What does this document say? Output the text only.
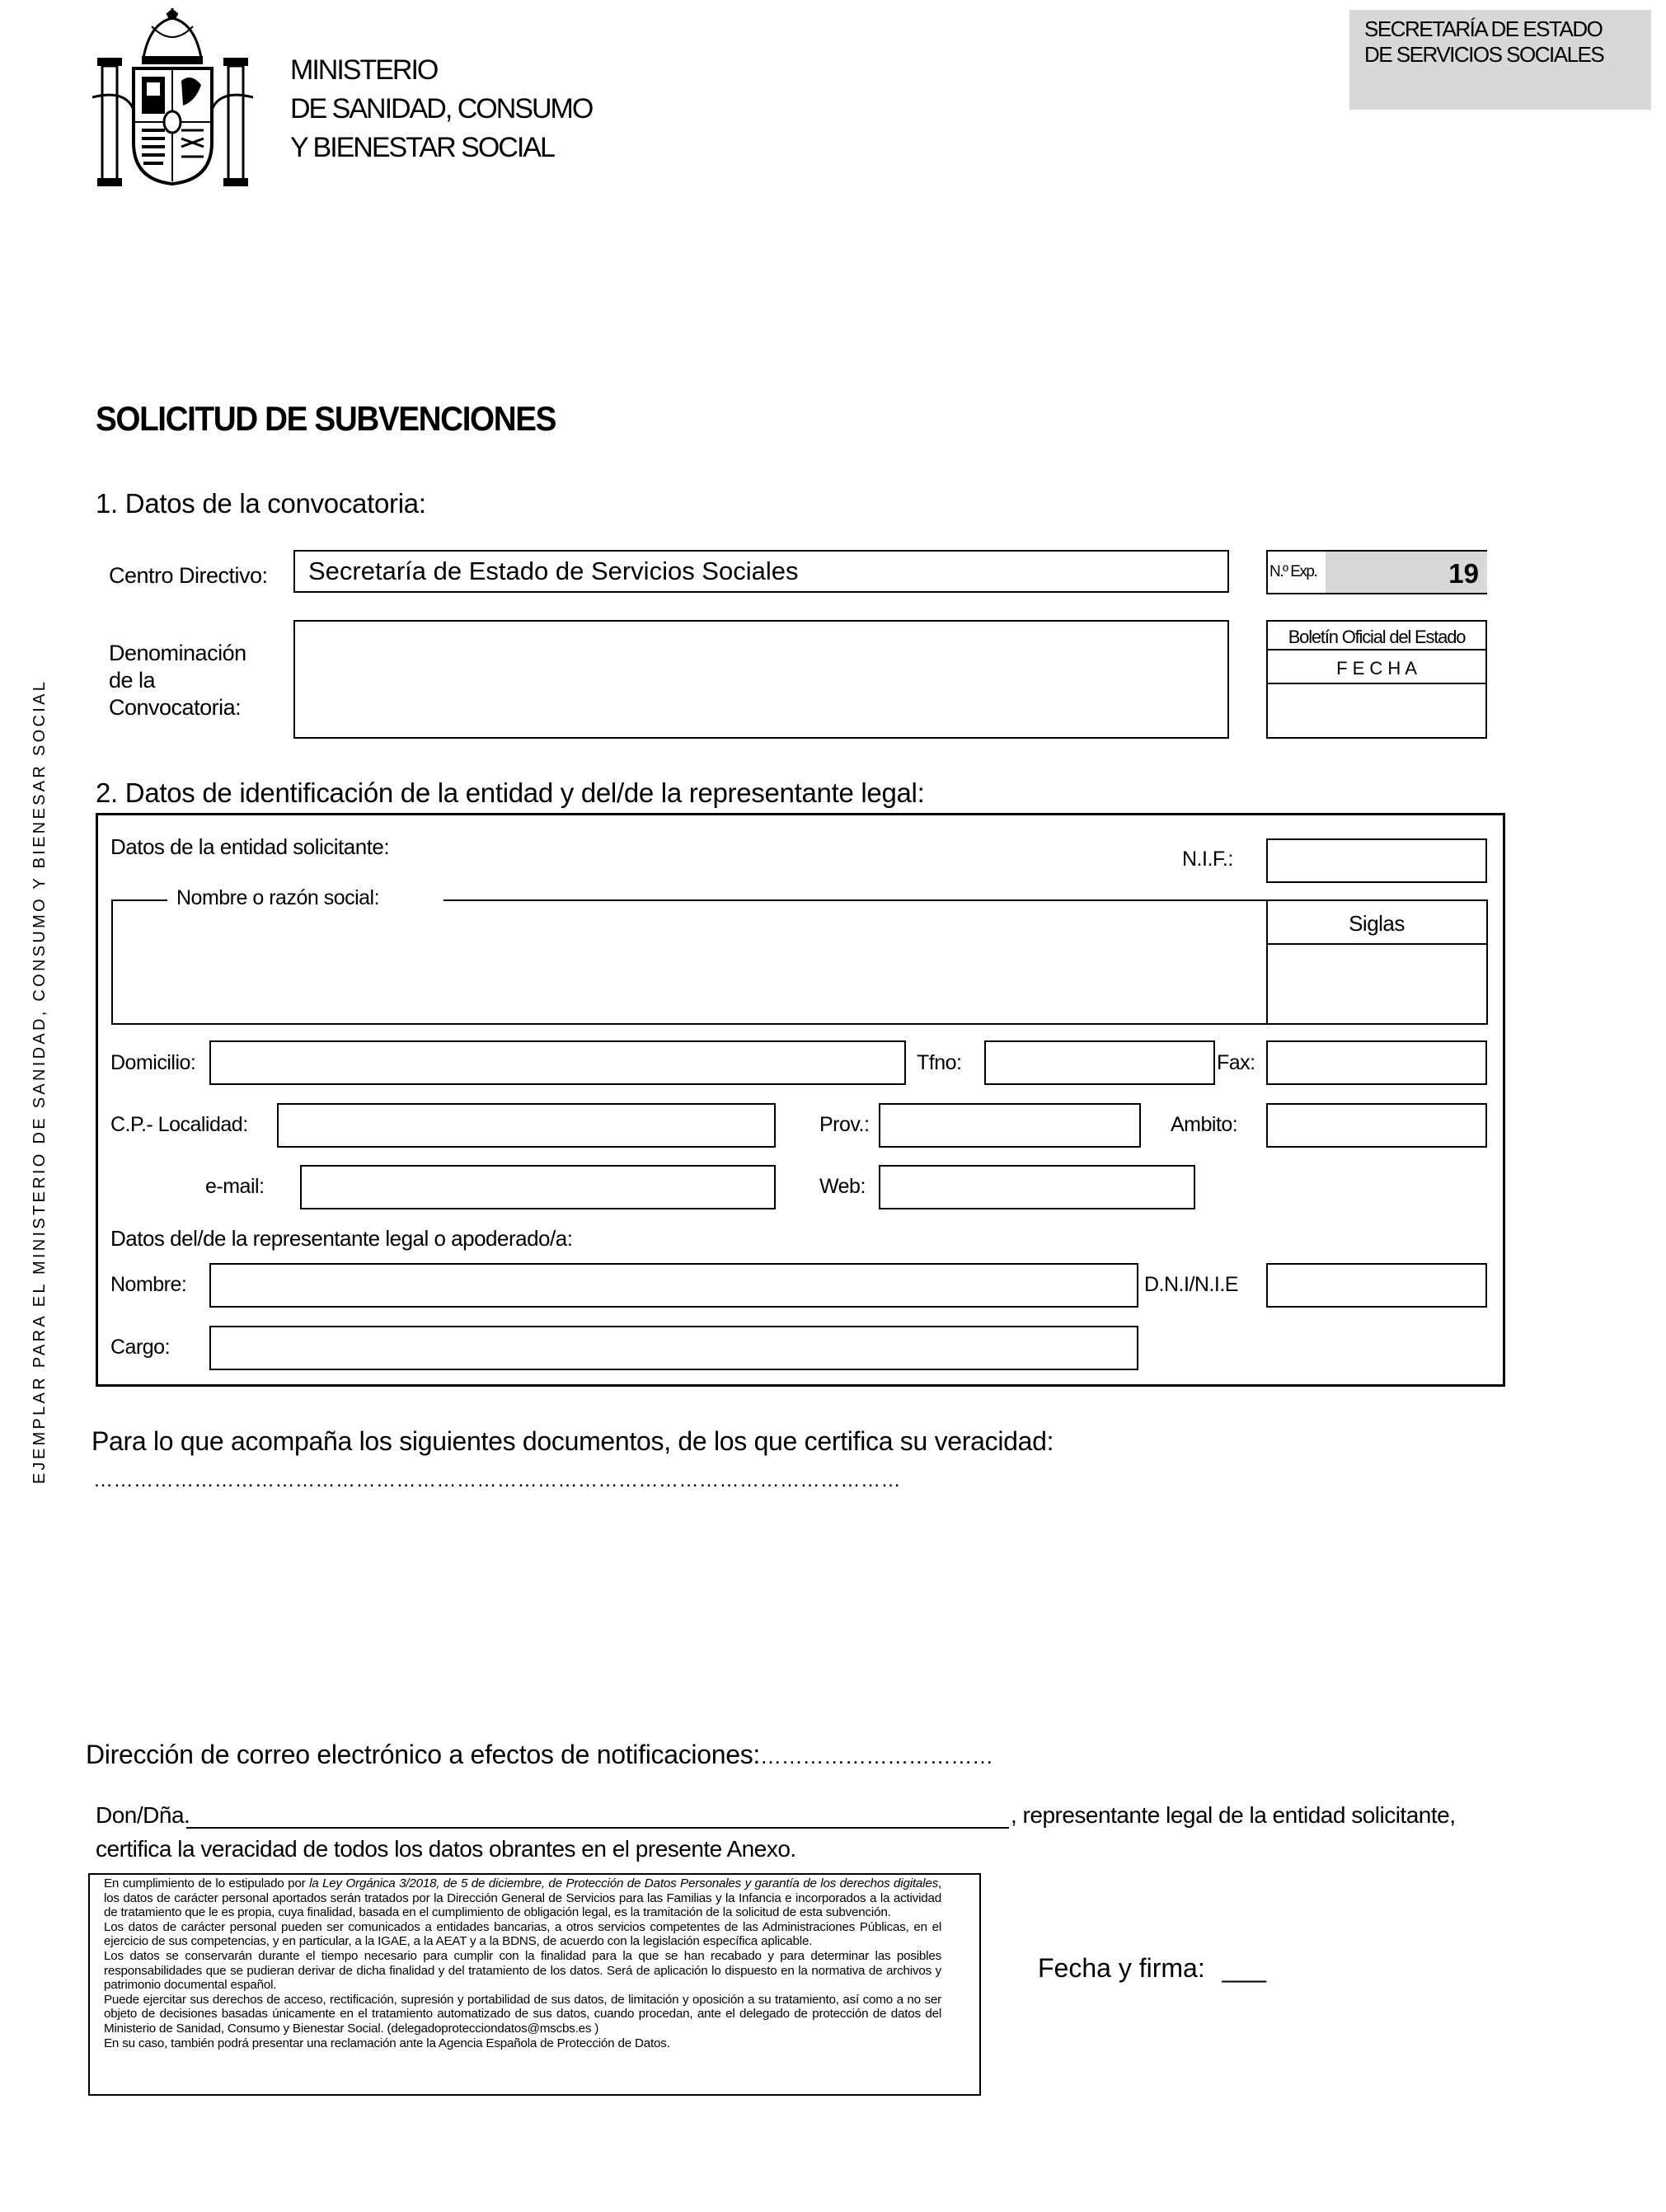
MINISTERIO
DE SANIDAD, CONSUMO
Y BIENESTAR SOCIAL
SECRETARÍA DE ESTADO
DE SERVICIOS SOCIALES
EJEMPLAR PARA EL MINISTERIO DE SANIDAD, CONSUMO Y BIENESAR SOCIAL
SOLICITUD DE SUBVENCIONES
1. Datos de la convocatoria:
Centro Directivo:
Secretaría de Estado de Servicios Sociales	N.º Exp.	19
Denominación
de la
Convocatoria:
Boletín Oficial del Estado
F E C H A
2. Datos de identificación de la entidad y del/de la representante legal:
Datos de la entidad solicitante:	N.I.F.:
Nombre o razón social:
Siglas
Domicilio:	Tfno:	Fax:
C.P.- Localidad:	Prov.:	Ambito:
e-mail:	Web:
Datos del/de la representante legal o apoderado/a:
Nombre:	D.N.I/N.I.E
Cargo:
Para lo que acompaña los siguientes documentos, de los que certifica su veracidad:
…………………………………………………………………………………………………………
Dirección de correo electrónico a efectos de notificaciones:……………………………
Don/Dña.	, representante legal de la entidad solicitante,
certifica la veracidad de todos los datos obrantes en el presente Anexo.

En cumplimiento de lo estipulado por la Ley Orgánica 3/2018, de 5 de diciembre, de Protección de Datos Personales y garantía de los derechos digitales, los datos de carácter personal aportados serán tratados por la Dirección General de Servicios para las Familias y la Infancia e incorporados a la actividad de tratamiento que le es propia, cuya finalidad, basada en el cumplimiento de obligación legal, es la tramitación de la solicitud de esta subvención.

Los datos de carácter personal pueden ser comunicados a entidades bancarias, a otros servicios competentes de las Administraciones Públicas, en el ejercicio de sus competencias, y en particular, a la IGAE, a la AEAT y a la BDNS, de acuerdo con la legislación específica aplicable.

Los datos se conservarán durante el tiempo necesario para cumplir con la finalidad para la que se han recabado y para determinar las posibles responsabilidades que se pudieran derivar de dicha finalidad y del tratamiento de los datos. Será de aplicación lo dispuesto en la normativa de archivos y patrimonio documental español.

Puede ejercitar sus derechos de acceso, rectificación, supresión y portabilidad de sus datos, de limitación y oposición a su tratamiento, así como a no ser objeto de decisiones basadas únicamente en el tratamiento automatizado de sus datos, cuando procedan, ante el delegado de protección de datos del Ministerio de Sanidad, Consumo y Bienestar Social. (delegadoprotecciondatos@mscbs.es )

En su caso, también podrá presentar una reclamación ante la Agencia Española de Protección de Datos.

Fecha y firma: ___
